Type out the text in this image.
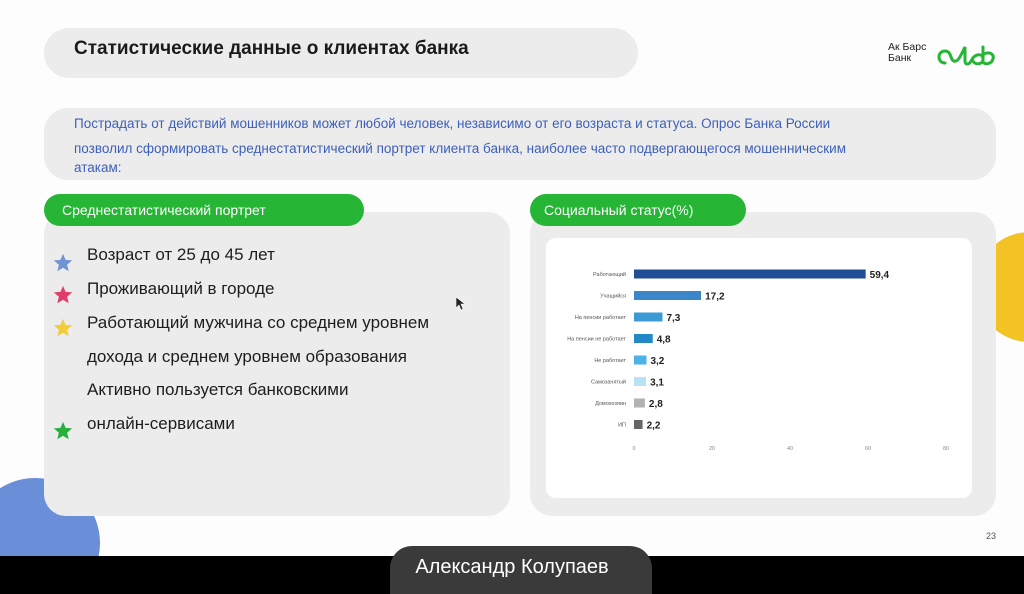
Статистические данные о клиентах банка	Ак Барс
Банк
Пострадать от действий мошенников может любой человек, независимо от его возраста и статуса. Опрос Банка России
позволил сформировать среднестатистический портрет клиента банка, наиболее часто подвергающегося мошенническим
атакам:
Среднестатистический портрет	Социальный статус(%)
Возраст от 25 до 45 лет
Проживающий в городе
Работающий мужчина со среднем уровнем
дохода и среднем уровнем образования
Активно пользуется банковскими
онлайн-сервисами
Работающий	59,4
Учащийся	17,2
На пенсии работает	7,3
На пенсии не работает	4,8
Не работает 3,2
Самозанятый 3,1
Домохозяин 2,8
ИП 2,2
0	20	40	60	80
23
Александр Колупаев
